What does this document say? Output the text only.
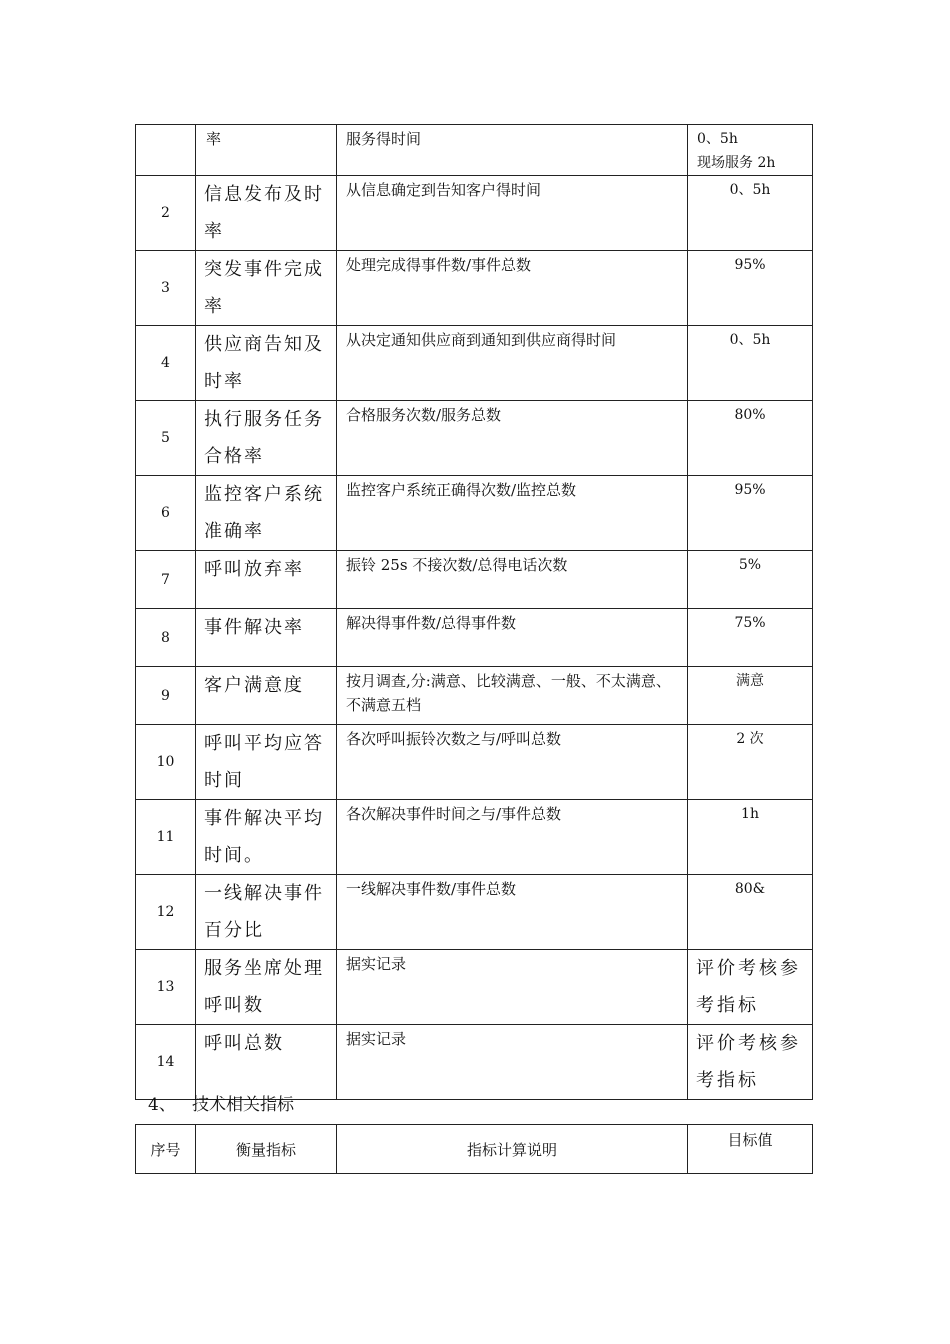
	率	服务得时间	0、5h
现场服务 2h

2	信息发布及时率	从信息确定到告知客户得时间	0、5h
3	突发事件完成率	处理完成得事件数/事件总数	95%
4	供应商告知及时率	从决定通知供应商到通知到供应商得时间	0、5h
5	执行服务任务合格率	合格服务次数/服务总数	80%
6	监控客户系统准确率	监控客户系统正确得次数/监控总数	95%
7	呼叫放弃率	振铃 25s 不接次数/总得电话次数	5%
8	事件解决率	解决得事件数/总得事件数	75%
9	客户满意度	按月调查,分:满意、比较满意、一般、不太满意、不满意五档	满意
10	呼叫平均应答时间	各次呼叫振铃次数之与/呼叫总数	2 次
11	事件解决平均时间。	各次解决事件时间之与/事件总数	1h
12	一线解决事件百分比	一线解决事件数/事件总数	80&
13	服务坐席处理呼叫数	据实记录	评价考核参考指标
14	呼叫总数	据实记录	评价考核参考指标
4、   技术相关指标
序号	衡量指标	指标计算说明	目标值
